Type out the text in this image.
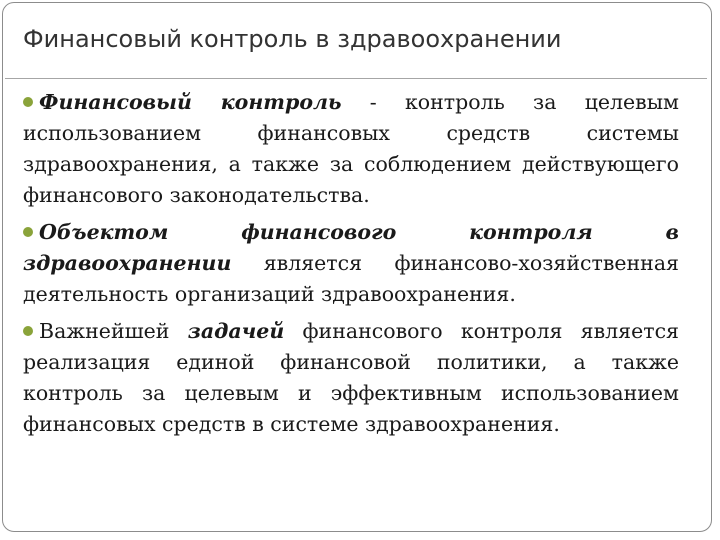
Финансовый контроль в здравоохранении

Финансовый контроль - контроль за целевым использованием финансовых средств системы здравоохранения, а также за соблюдением действующего финансового законодательства.

Объектом финансового контроля в здравоохранении является финансово-хозяйственная деятельность организаций здравоохранения.

Важнейшей задачей финансового контроля является реализация единой финансовой политики, а также контроль за целевым и эффективным использованием финансовых средств в системе здравоохранения.
